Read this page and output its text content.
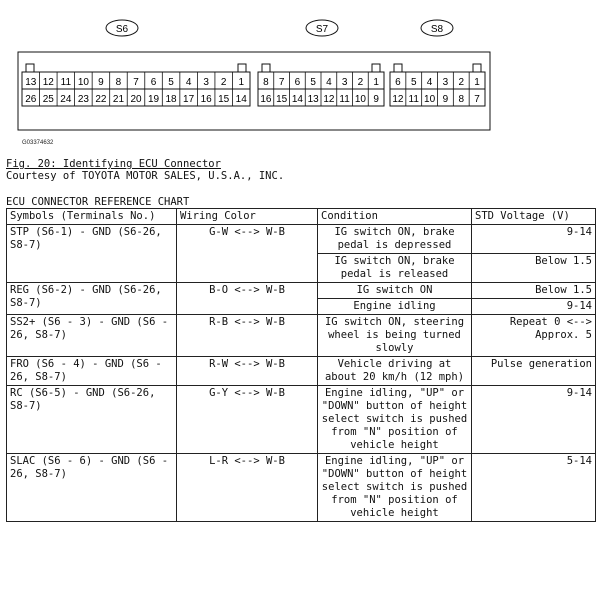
S6
13 12 11 10 9 8 7 6 5 4 3 2 1
26 25 24 23 22 21 20 19 18 17 16 15 14
S7
8 7 6 5 4 3 2 1
16 15 14 13 12 11 10 9
S8
6 5 4 3 2 1
12 11 10 9 8 7
G03374632
Fig. 20: Identifying ECU Connector
Courtesy of TOYOTA MOTOR SALES, U.S.A., INC.
ECU CONNECTOR REFERENCE CHART
Symbols (Terminals No.)	Wiring Color	Condition	STD Voltage (V)
STP (S6-1) - GND (S6-26, S8-7)	G-W <--> W-B	IG switch ON, brake pedal is depressed	9-14
		IG switch ON, brake pedal is released	Below 1.5
REG (S6-2) - GND (S6-26, S8-7)	B-O <--> W-B	IG switch ON	Below 1.5
		Engine idling	9-14
SS2+ (S6 - 3) - GND (S6 - 26, S8-7)	R-B <--> W-B	IG switch ON, steering wheel is being turned slowly	Repeat 0 <--> Approx. 5
FRO (S6 - 4) - GND (S6 - 26, S8-7)	R-W <--> W-B	Vehicle driving at about 20 km/h (12 mph)	Pulse generation
RC (S6-5) - GND (S6-26, S8-7)	G-Y <--> W-B	Engine idling, "UP" or "DOWN" button of height select switch is pushed from "N" position of vehicle height	9-14
SLAC (S6 - 6) - GND (S6 - 26, S8-7)	L-R <--> W-B	Engine idling, "UP" or "DOWN" button of height select switch is pushed from "N" position of vehicle height	5-14
